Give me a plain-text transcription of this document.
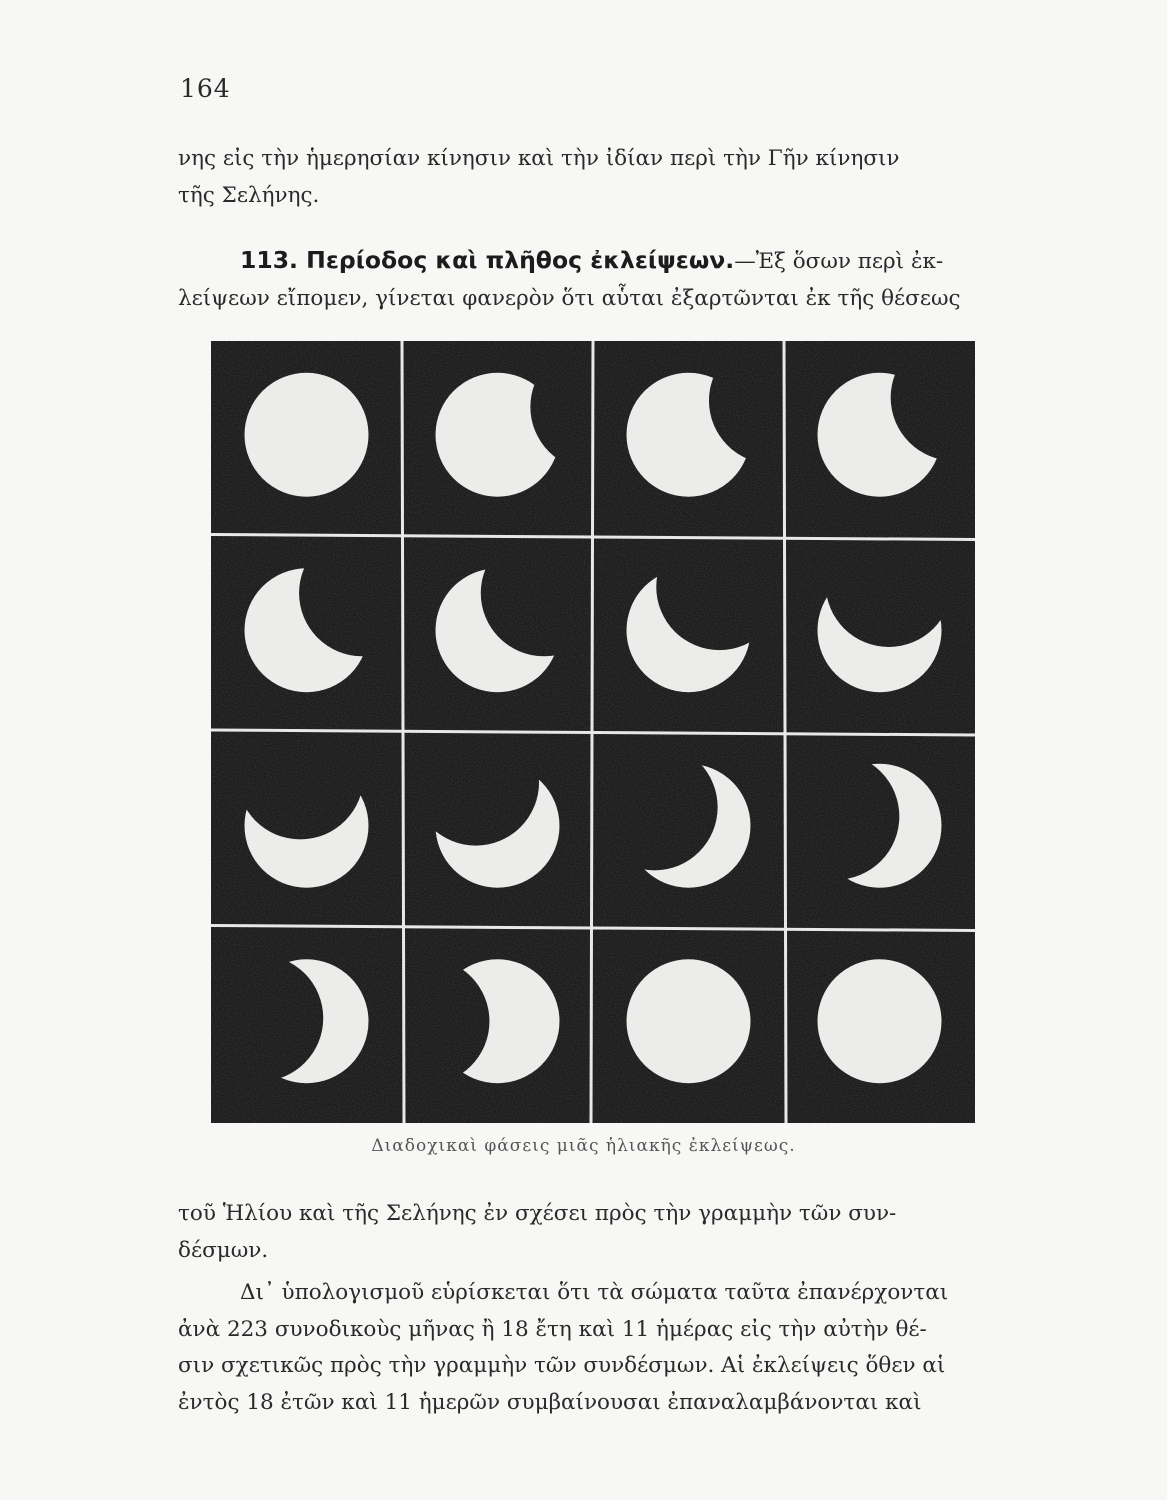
164
νης εἰς τὴν ἡμερησίαν κίνησιν καὶ τὴν ἰδίαν περὶ τὴν Γῆν κίνησιν
τῆς Σελήνης.

113. Περίοδος καὶ πλῆθος ἐκλείψεων.—Ἐξ ὅσων περὶ ἐκ-

λείψεων εἴπομεν, γίνεται φανερὸν ὅτι αὗται ἐξαρτῶνται ἐκ τῆς θέσεως
Διαδοχικαὶ φάσεις μιᾶς ἡλιακῆς ἐκλείψεως.
τοῦ Ἡλίου καὶ τῆς Σελήνης ἐν σχέσει πρὸς τὴν γραμμὴν τῶν συν-
δέσμων.

Δι᾽ ὑπολογισμοῦ εὑρίσκεται ὅτι τὰ σώματα ταῦτα ἐπανέρχονται

ἀνὰ 223 συνοδικοὺς μῆνας ἢ 18 ἔτη καὶ 11 ἡμέρας εἰς τὴν αὐτὴν θέ-
σιν σχετικῶς πρὸς τὴν γραμμὴν τῶν συνδέσμων. Αἱ ἐκλείψεις ὅθεν αἱ
ἐντὸς 18 ἐτῶν καὶ 11 ἡμερῶν συμβαίνουσαι ἐπαναλαμβάνονται καὶ
